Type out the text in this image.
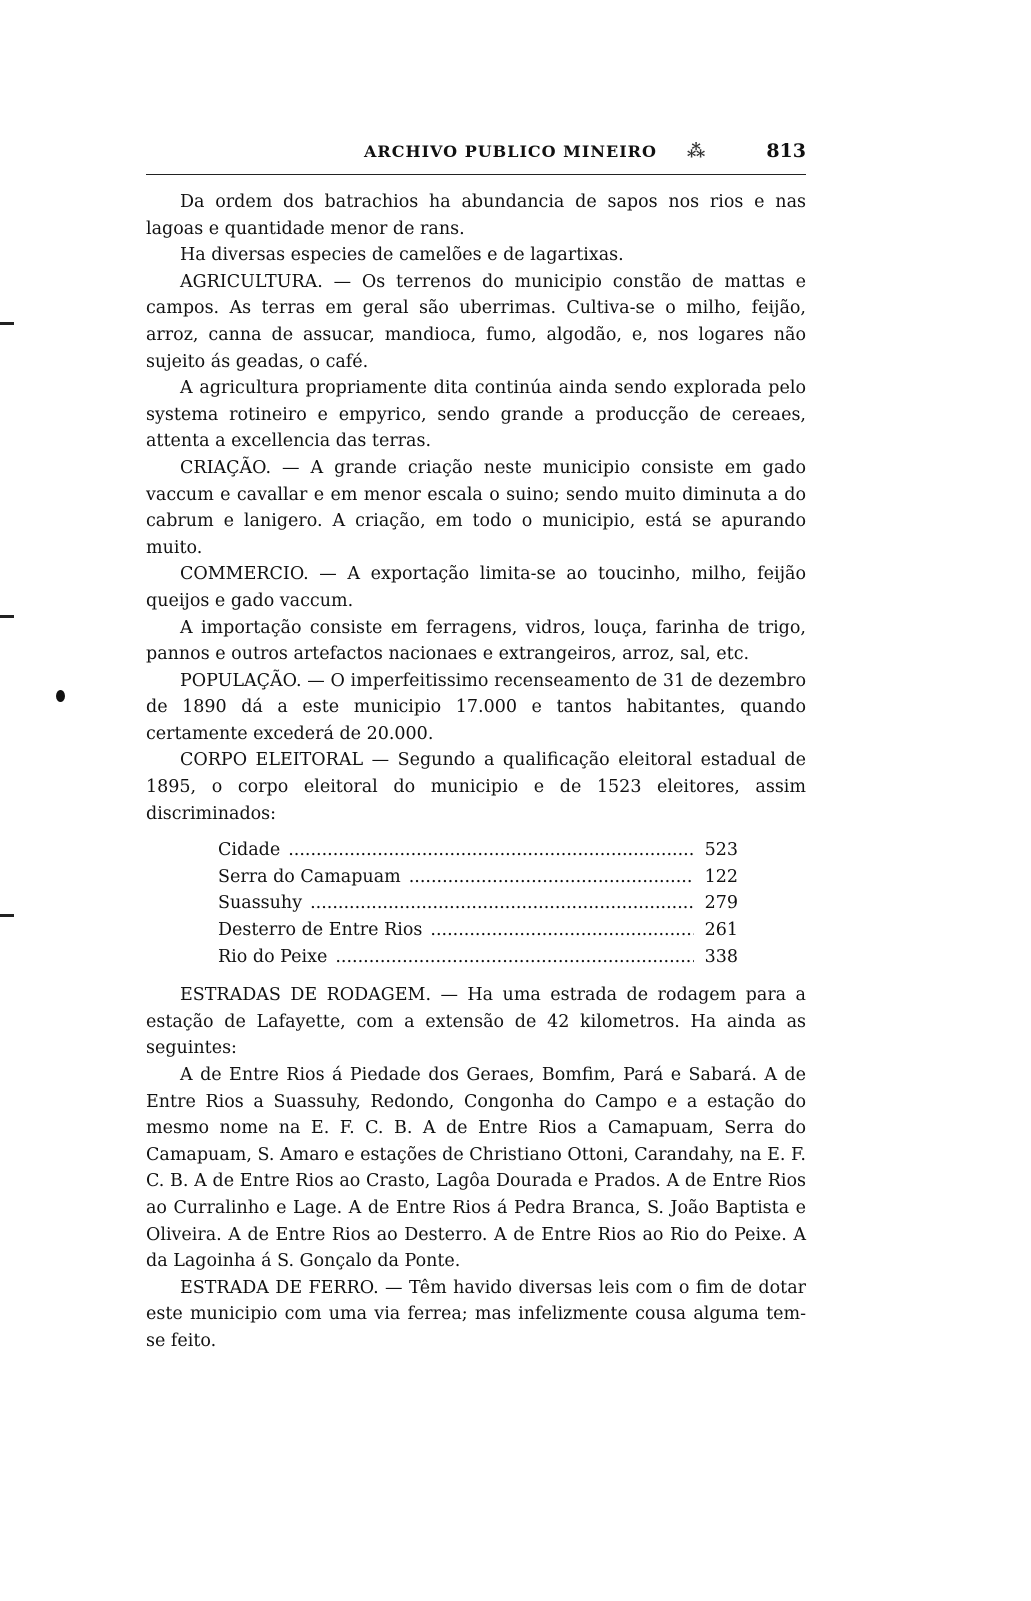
ARCHIVO PUBLICO MINEIRO ⁂	813

Da ordem dos batrachios ha abundancia de sapos nos rios e nas lagoas e quantidade menor de rans.

Ha diversas especies de camelões e de lagartixas.

AGRICULTURA. — Os terrenos do municipio constão de mattas e campos. As terras em geral são uberrimas. Cultiva-se o milho, feijão, arroz, canna de assucar, mandioca, fumo, algodão, e, nos logares não sujeito ás geadas, o café.

A agricultura propriamente dita continúa ainda sendo explorada pelo systema rotineiro e empyrico, sendo grande a producção de cereaes, attenta a excellencia das terras.

CRIAÇÃO. — A grande criação neste municipio consiste em gado vaccum e cavallar e em menor escala o suino; sendo muito diminuta a do cabrum e lanigero. A criação, em todo o municipio, está se apurando muito.

COMMERCIO. — A exportação limita-se ao toucinho, milho, feijão queijos e gado vaccum.

A importação consiste em ferragens, vidros, louça, farinha de trigo, pannos e outros artefactos nacionaes e extrangeiros, arroz, sal, etc.

POPULAÇÃO. — O imperfeitissimo recenseamento de 31 de dezembro de 1890 dá a este municipio 17.000 e tantos habitantes, quando certamente excederá de 20.000.

CORPO ELEITORAL — Segundo a qualificação eleitoral estadual de 1895, o corpo eleitoral do municipio e de 1523 eleitores, assim discriminados:

Cidade .....	523
Serra do Camapuam .....	122
Suassuhy .....	279
Desterro de Entre Rios .....	261
Rio do Peixe .....	338

ESTRADAS DE RODAGEM. — Ha uma estrada de rodagem para a estação de Lafayette, com a extensão de 42 kilometros. Ha ainda as seguintes:

A de Entre Rios á Piedade dos Geraes, Bomfim, Pará e Sabará. A de Entre Rios a Suassuhy, Redondo, Congonha do Campo e a estação do mesmo nome na E. F. C. B. A de Entre Rios a Camapuam, Serra do Camapuam, S. Amaro e estações de Christiano Ottoni, Carandahy, na E. F. C. B. A de Entre Rios ao Crasto, Lagôa Dourada e Prados. A de Entre Rios ao Curralinho e Lage. A de Entre Rios á Pedra Branca, S. João Baptista e Oliveira. A de Entre Rios ao Desterro. A de Entre Rios ao Rio do Peixe. A da Lagoinha á S. Gonçalo da Ponte.

ESTRADA DE FERRO. — Têm havido diversas leis com o fim de dotar este municipio com uma via ferrea; mas infelizmente cousa alguma tem-se feito.
